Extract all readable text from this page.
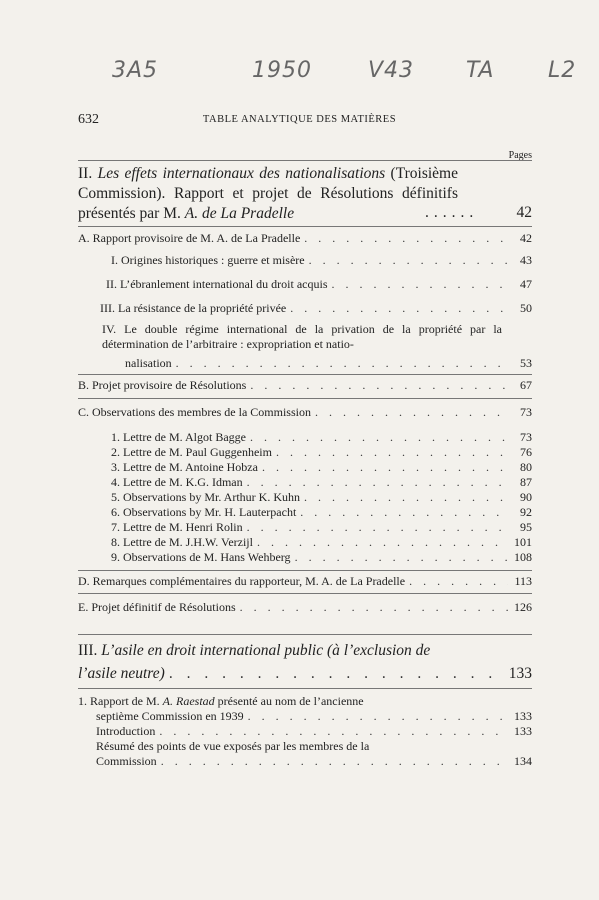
3A5	1950	V43 TA L2
632	TABLE ANALYTIQUE DES MATIÈRES
Pages
II. Les effets internationaux des nationalisations (Troisième Commission). Rapport et projet de Résolutions définitifs présentés par M. A. de La Pradelle	42
......
A. Rapport provisoire de M. A. de La Pradelle . . .	42
I. Origines historiques : guerre et misère . . .	43
II. L’ébranlement international du droit acquis . . .	47
III. La résistance de la propriété privée . . .	50
IV. Le double régime international de la privation de la propriété par la détermination de l’arbitraire : expropriation et natio-
nalisation . . .	53
B. Projet provisoire de Résolutions . . .	67
C. Observations des membres de la Commission . . .	73
1. Lettre de M. Algot Bagge . . .	73
2. Lettre de M. Paul Guggenheim . . .	76
3. Lettre de M. Antoine Hobza . . .	80
4. Lettre de M. K.G. Idman . . .	87
5. Observations by Mr. Arthur K. Kuhn . . .	90
6. Observations by Mr. H. Lauterpacht . . .	92
7. Lettre de M. Henri Rolin . . .	95
8. Lettre de M. J.H.W. Verzijl . . .	101
9. Observations de M. Hans Wehberg . . .	108
D. Remarques complémentaires du rapporteur, M. A. de La Pradelle . . .	113
E. Projet définitif de Résolutions . . .	126
III. L’asile en droit international public (à l’exclusion de
l’asile neutre) . . .	133
1. Rapport de M. A. Raestad présenté au nom de l’ancienne
septième Commission en 1939 . . .	133
Introduction . . .	133
Résumé des points de vue exposés par les membres de la
Commission . . .	134
